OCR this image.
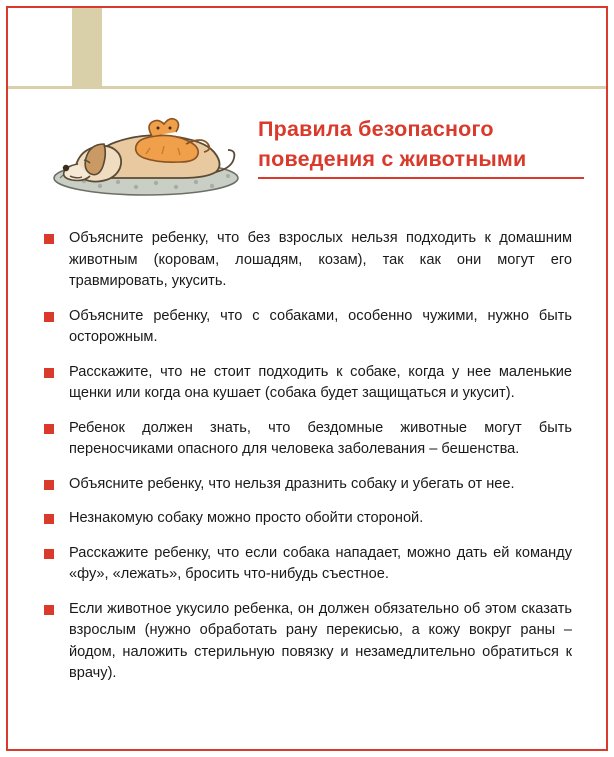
Правила безопасного
поведения с животными
Объясните ребенку, что без взрослых нельзя подходить к домашним животным (коровам, лошадям, козам), так как они могут его травмировать, укусить.
Объясните ребенку, что с собаками, особенно чужими, нужно быть осторожным.
Расскажите, что не стоит подходить к собаке, когда у нее маленькие щенки или когда она кушает (собака будет защищаться и укусит).
Ребенок должен знать, что бездомные животные могут быть переносчиками опасного для человека заболевания – бешенства.
Объясните ребенку, что нельзя дразнить собаку и убегать от нее.
Незнакомую собаку можно просто обойти стороной.
Расскажите ребенку, что если собака нападает, можно дать ей команду «фу», «лежать», бросить что-нибудь съестное.
Если животное укусило ребенка, он должен обязательно об этом сказать взрослым (нужно обработать рану перекисью, а кожу вокруг раны – йодом, наложить стерильную повязку и незамедлительно обратиться к врачу).
